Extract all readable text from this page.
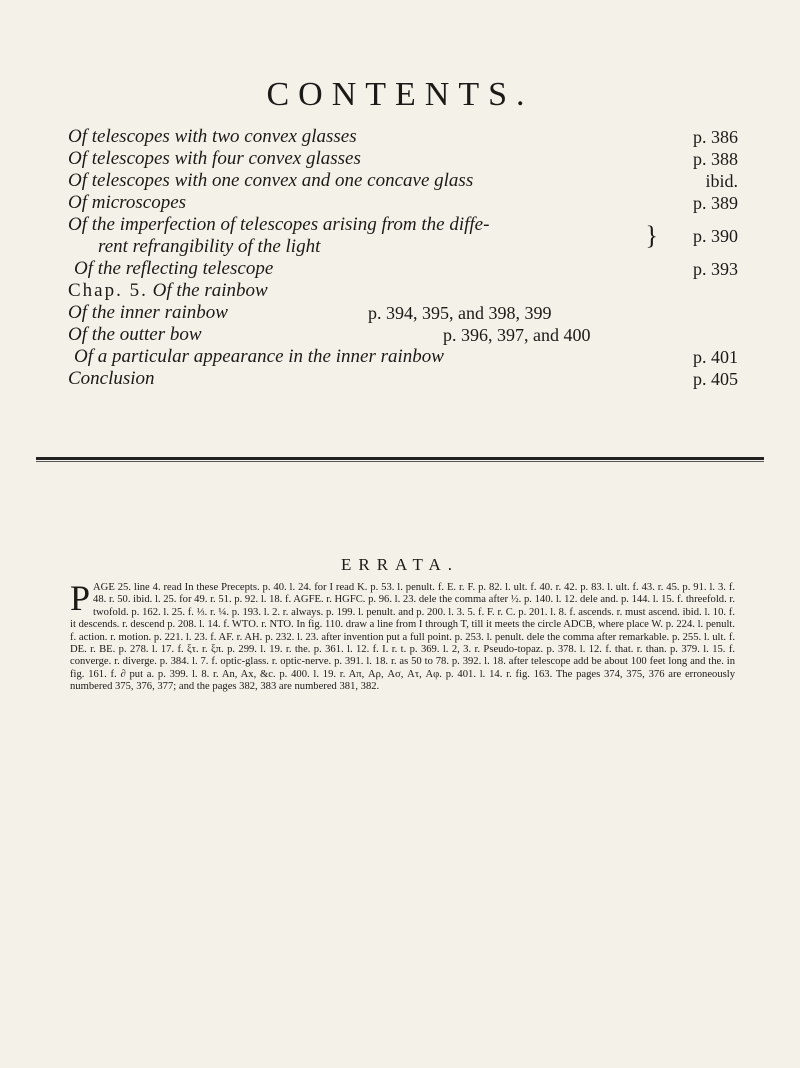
CONTENTS.
Of telescopes with two convex glasses	p. 386
Of telescopes with four convex glasses	p. 388
Of telescopes with one convex and one concave glass	ibid.
Of microscopes	p. 389
Of the imperfection of telescopes arising from the diffe-
rent refrangibility of the light	} p. 390
Of the reflecting telescope	p. 393
Chap. 5. Of the rainbow
Of the inner rainbow	p. 394, 395, and 398, 399
Of the outter bow	p. 396, 397, and 400
Of a particular appearance in the inner rainbow	p. 401
Conclusion	p. 405
ERRATA.
P AGE 25. line 4. read In these Precepts. p. 40. l. 24. for I read K. p. 53. l. penult. f. E. r. F. p. 82. l. ult. f. 40. r. 42. p. 83. l. ult. f. 43. r. 45. p. 91. l. 3. f. 48. r. 50. ibid. l. 25. for 49. r. 51. p. 92. l. 18. f. AGFE. r. HGFC. p. 96. l. 23. dele the comma after ½. p. 140. l. 12. dele and. p. 144. l. 15. f. threefold. r. twofold. p. 162. l. 25. f. ⅓. r. ¼. p. 193. l. 2. r. always. p. 199. l. penult. and p. 200. l. 3. 5. f. F. r. C. p. 201. l. 8. f. ascends. r. must ascend. ibid. l. 10. f. it descends. r. descend p. 208. l. 14. f. WTO. r. NTO. In fig. 110. draw a line from I through T, till it meets the circle ADCB, where place W. p. 224. l. penult. f. action. r. motion. p. 221. l. 23. f. AF. r. AH. p. 232. l. 23. after invention put a full point. p. 253. l. penult. dele the comma after remarkable. p. 255. l. ult. f. DE. r. BE. p. 278. l. 17. f. ξτ. r. ξπ. p. 299. l. 19. r. the. p. 361. l. 12. f. I. r. t. p. 369. l. 2, 3. r. Pseudo-topaz. p. 378. l. 12. f. that. r. than. p. 379. l. 15. f. converge. r. diverge. p. 384. l. 7. f. optic-glass. r. optic-nerve. p. 391. l. 18. r. as 50 to 78. p. 392. l. 18. after telescope add be about 100 feet long and the. in fig. 161. f. ∂ put a. p. 399. l. 8. r. An, Ax, &c. p. 400. l. 19. r. Aπ, Aρ, Aσ, Aτ, Aφ. p. 401. l. 14. r. fig. 163. The pages 374, 375, 376 are erroneously numbered 375, 376, 377; and the pages 382, 383 are numbered 381, 382.
